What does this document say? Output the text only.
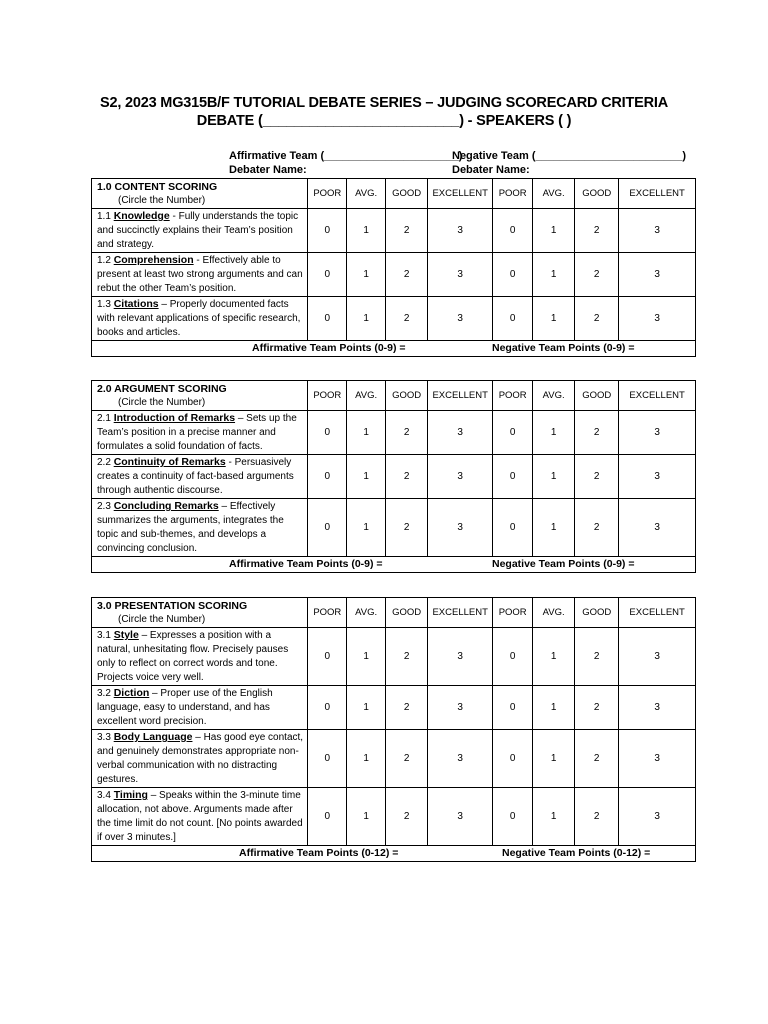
S2, 2023 MG315B/F TUTORIAL DEBATE SERIES – JUDGING SCORECARD CRITERIA
DEBATE (_________________________) - SPEAKERS ( )
Affirmative Team (______________________)
Negative Team (________________________)
Debater Name:	Debater Name:
1.0 CONTENT SCORING
(Circle the Number)	POOR	AVG.	GOOD	EXCELLENT	POOR	AVG.	GOOD	EXCELLENT
1.1 Knowledge - Fully understands the topic and succinctly explains their Team’s position and strategy.	0	1	2	3	0	1	2	3
1.2 Comprehension - Effectively able to present at least two strong arguments and can rebut the other Team’s position.	0	1	2	3	0	1	2	3
1.3 Citations – Properly documented facts with relevant applications of specific research, books and articles.	0	1	2	3	0	1	2	3

Affirmative Team Points (0-9) = Negative Team Points (0-9) =								
2.0 ARGUMENT SCORING
(Circle the Number)	POOR	AVG.	GOOD	EXCELLENT	POOR	AVG.	GOOD	EXCELLENT
2.1 Introduction of Remarks – Sets up the Team’s position in a precise manner and formulates a solid foundation of facts.	0	1	2	3	0	1	2	3
2.2 Continuity of Remarks - Persuasively creates a continuity of fact-based arguments through authentic discourse.	0	1	2	3	0	1	2	3
2.3 Concluding Remarks – Effectively summarizes the arguments, integrates the topic and sub-themes, and develops a convincing conclusion.	0	1	2	3	0	1	2	3

Affirmative Team Points (0-9) = Negative Team Points (0-9) =								
3.0 PRESENTATION SCORING
(Circle the Number)	POOR	AVG.	GOOD	EXCELLENT	POOR	AVG.	GOOD	EXCELLENT
3.1 Style – Expresses a position with a natural, unhesitating flow. Precisely pauses only to reflect on correct words and tone. Projects voice very well.	0	1	2	3	0	1	2	3
3.2 Diction – Proper use of the English language, easy to understand, and has excellent word precision.	0	1	2	3	0	1	2	3
3.3 Body Language – Has good eye contact, and genuinely demonstrates appropriate non-verbal communication with no distracting gestures.	0	1	2	3	0	1	2	3
3.4 Timing – Speaks within the 3-minute time allocation, not above. Arguments made after the time limit do not count. [No points awarded if over 3 minutes.]	0	1	2	3	0	1	2	3

Affirmative Team Points (0-12) = Negative Team Points (0-12) =								
